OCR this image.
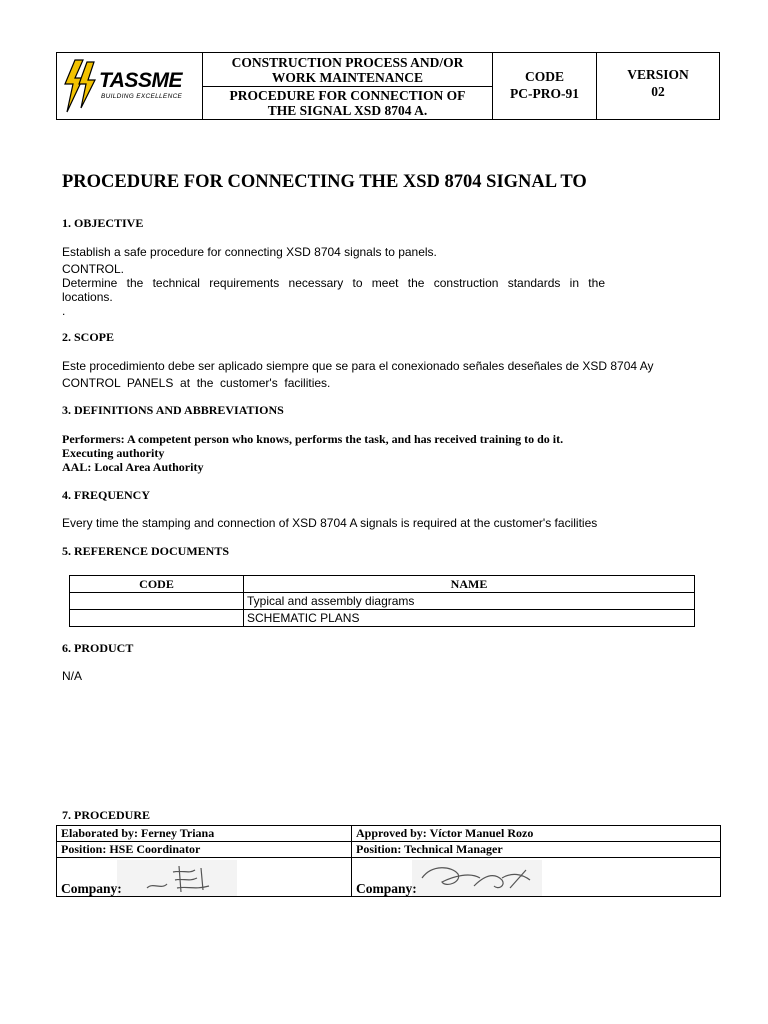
TASSME
BUILDING EXCELLENCE
CONSTRUCTION PROCESS AND/OR
WORK MAINTENANCE
PROCEDURE FOR CONNECTION OF
THE SIGNAL XSD 8704 A.
CODE
PC-PRO-91
VERSION
02
PROCEDURE FOR CONNECTING THE XSD 8704 SIGNAL TO
1. OBJECTIVE
Establish a safe procedure for connecting XSD 8704 signals to panels.
CONTROL.
Determine the technical requirements necessary to meet the construction standards in the
locations.
.
2. SCOPE
Este procedimiento debe ser aplicado siempre que se para el conexionado señales deseñales de XSD 8704 Ay
CONTROL  PANELS  at  the  customer's  facilities.
3. DEFINITIONS AND ABBREVIATIONS
Performers: A competent person who knows, performs the task, and has received training to do it.
Executing authority
AAL: Local Area Authority
4. FREQUENCY
Every time the stamping and connection of XSD 8704 A signals is required at the customer's facilities
5. REFERENCE DOCUMENTS
CODE	NAME
	Typical and assembly diagrams
	SCHEMATIC PLANS
6. PRODUCT
N/A
7. PROCEDURE
Elaborated by: Ferney Triana	Approved by: Víctor Manuel Rozo
Position: HSE Coordinator	Position: Technical Manager

Company:	Company:
